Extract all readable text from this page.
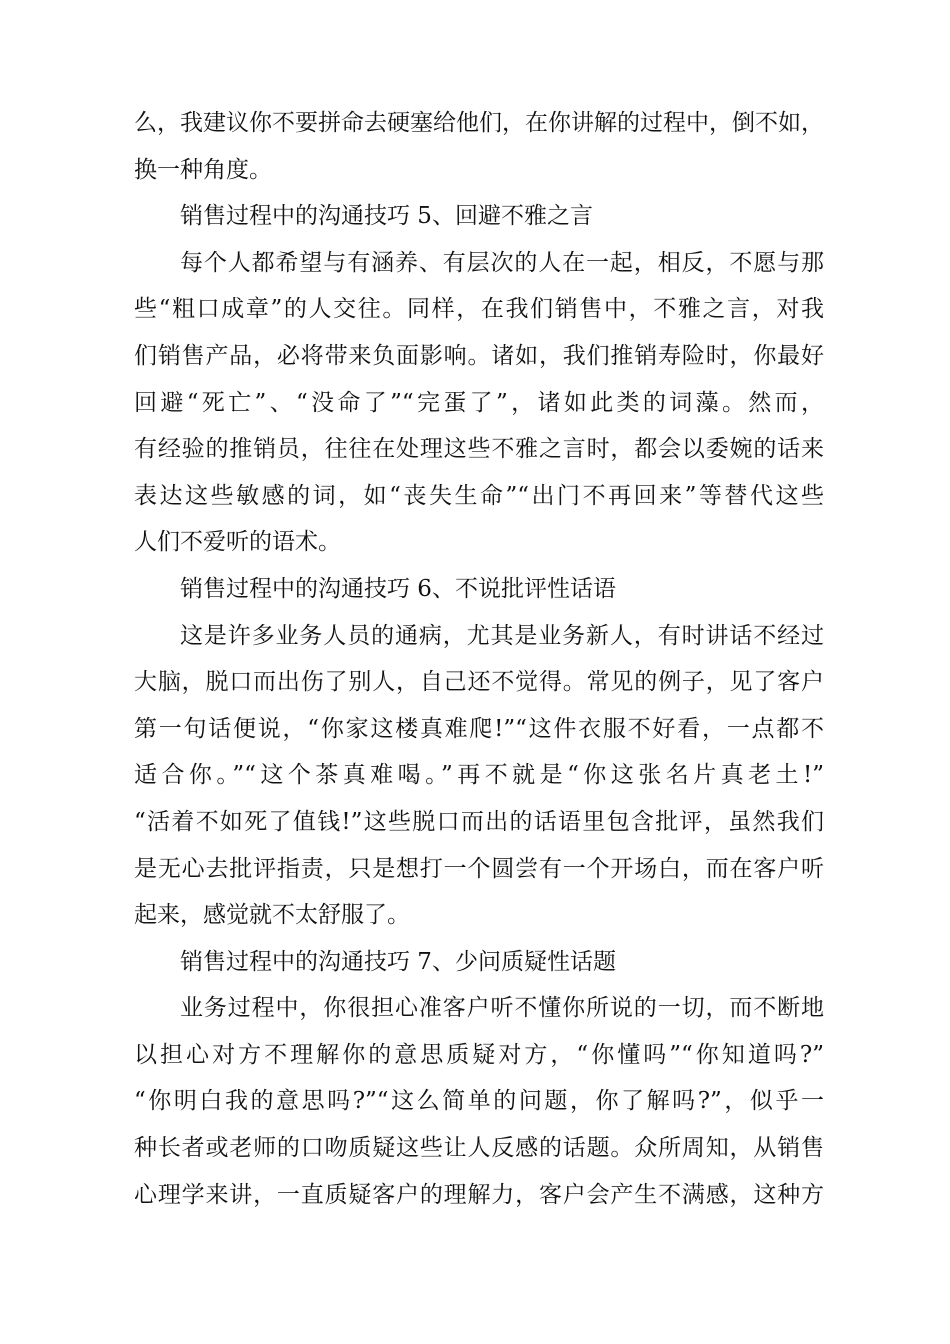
么，我建议你不要拼命去硬塞给他们，在你讲解的过程中，倒不如，
换一种角度。
销售过程中的沟通技巧 5、回避不雅之言
每个人都希望与有涵养、有层次的人在一起，相反，不愿与那
些“粗口成章”的人交往。同样，在我们销售中，不雅之言，对我
们销售产品，必将带来负面影响。诸如，我们推销寿险时，你最好
回避“死亡”、“没命了”“完蛋了”，诸如此类的词藻。然而，
有经验的推销员，往往在处理这些不雅之言时，都会以委婉的话来
表达这些敏感的词，如“丧失生命”“出门不再回来”等替代这些
人们不爱听的语术。
销售过程中的沟通技巧 6、不说批评性话语
这是许多业务人员的通病，尤其是业务新人，有时讲话不经过
大脑，脱口而出伤了别人，自己还不觉得。常见的例子，见了客户
第一句话便说，“你家这楼真难爬!”“这件衣服不好看，一点都不
适合你。”“这个茶真难喝。”再不就是“你这张名片真老土!”
“活着不如死了值钱!”这些脱口而出的话语里包含批评，虽然我们
是无心去批评指责，只是想打一个圆尝有一个开场白，而在客户听
起来，感觉就不太舒服了。
销售过程中的沟通技巧 7、少问质疑性话题
业务过程中，你很担心准客户听不懂你所说的一切，而不断地
以担心对方不理解你的意思质疑对方，“你懂吗”“你知道吗?”
“你明白我的意思吗?”“这么简单的问题，你了解吗?”，似乎一
种长者或老师的口吻质疑这些让人反感的话题。众所周知，从销售
心理学来讲，一直质疑客户的理解力，客户会产生不满感，这种方
